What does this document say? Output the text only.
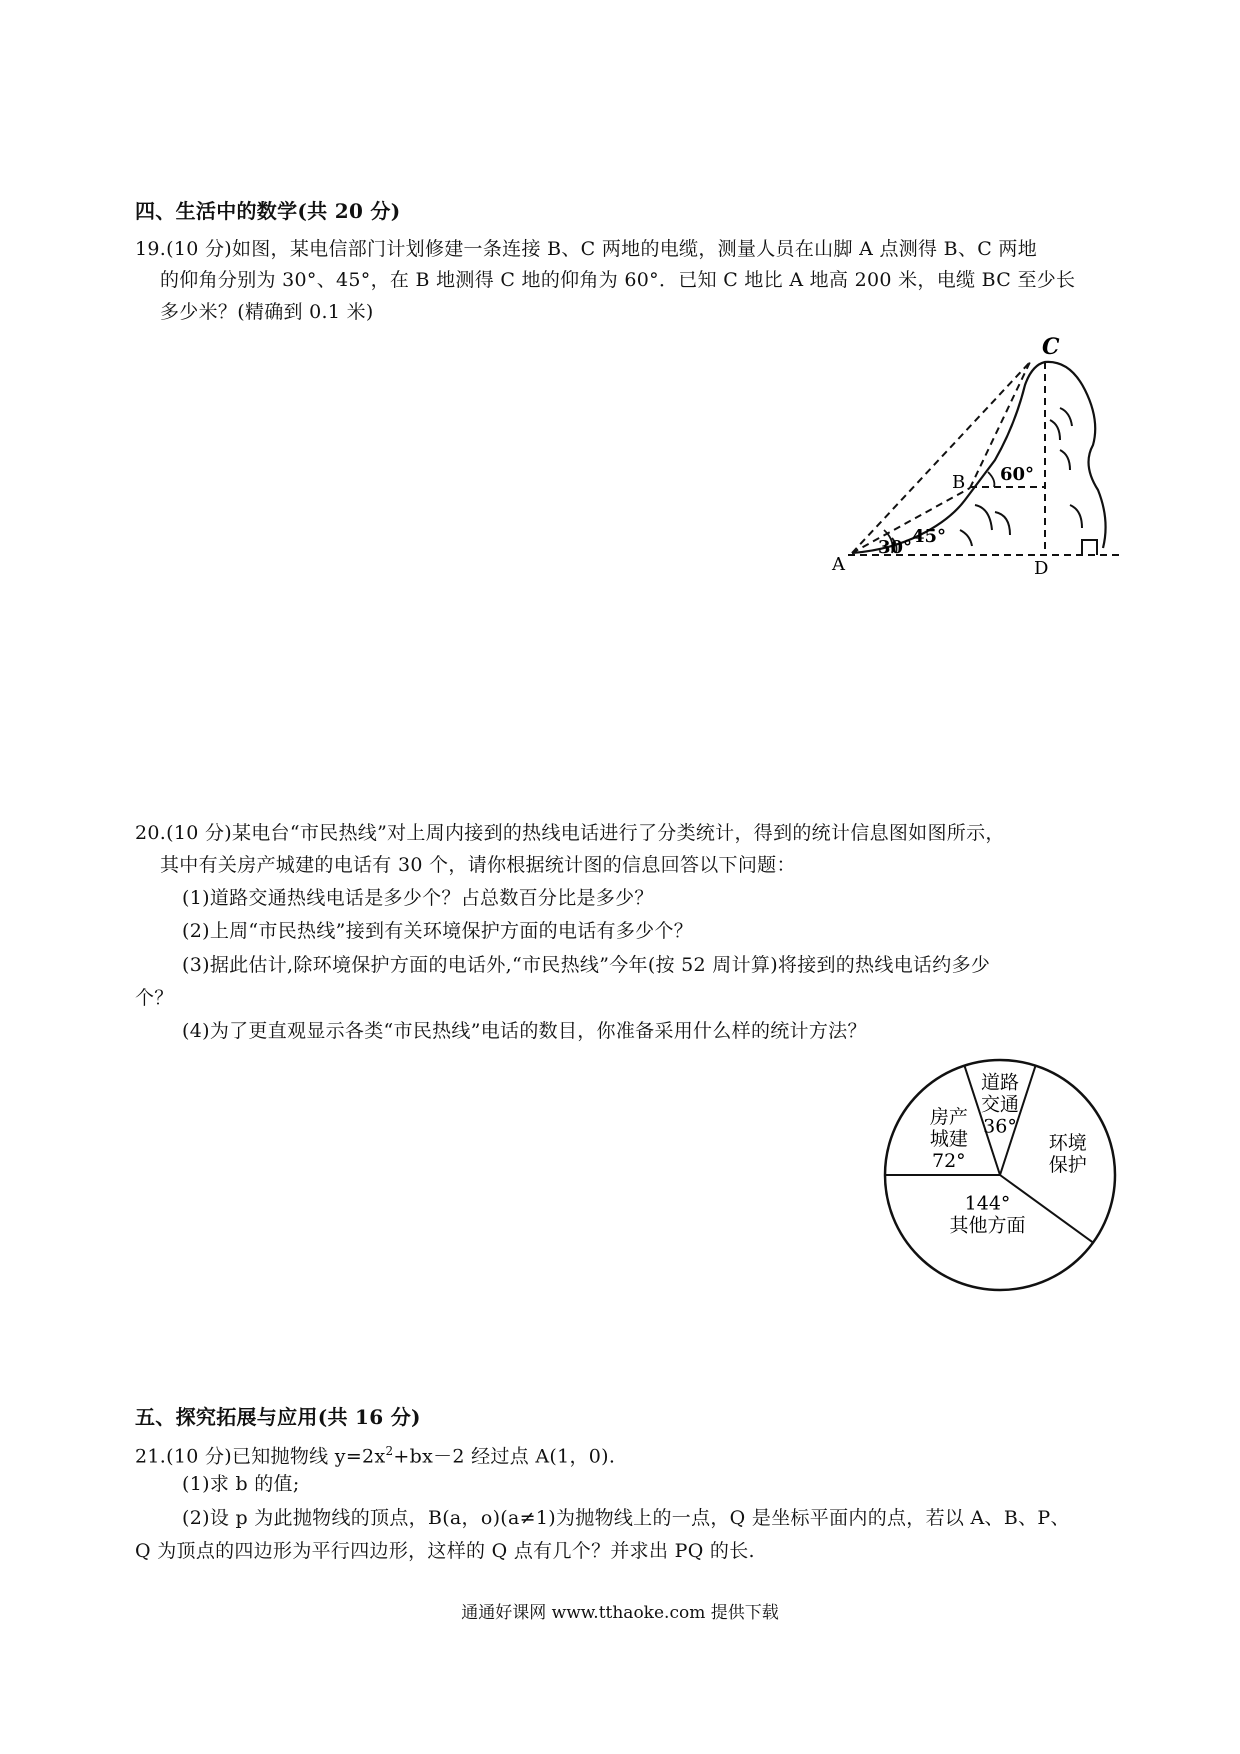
四、生活中的数学(共 20 分)
19.(10 分)如图，某电信部门计划修建一条连接 B、C 两地的电缆，测量人员在山脚 A 点测得 B、C 两地
的仰角分别为 30°、45°，在 B 地测得 C 地的仰角为 60°．已知 C 地比 A 地高 200 米，电缆 BC 至少长
多少米？(精确到 0.1 米)
C
B
A	D
30°
45°
60°
20.(10 分)某电台“市民热线”对上周内接到的热线电话进行了分类统计，得到的统计信息图如图所示，
其中有关房产城建的电话有 30 个，请你根据统计图的信息回答以下问题：
(1)道路交通热线电话是多少个？占总数百分比是多少？
(2)上周“市民热线”接到有关环境保护方面的电话有多少个？
(3)据此估计,除环境保护方面的电话外,“市民热线”今年(按 52 周计算)将接到的热线电话约多少
个？
(4)为了更直观显示各类“市民热线”电话的数目，你准备采用什么样的统计方法？
房产
城建
72°
道路
交通
36°
环境
保护
144°
其他方面
五、探究拓展与应用(共 16 分)
21.(10 分)已知抛物线 $y=2x^2+bx-2$ 经过点 A(1，0).
(1)求 b 的值;
(2)设 p 为此抛物线的顶点，B(a，o)(a≠1)为抛物线上的一点，Q 是坐标平面内的点，若以 A、B、P、
Q 为顶点的四边形为平行四边形，这样的 Q 点有几个？并求出 PQ 的长.
通通好课网 www.tthaoke.com 提供下载
